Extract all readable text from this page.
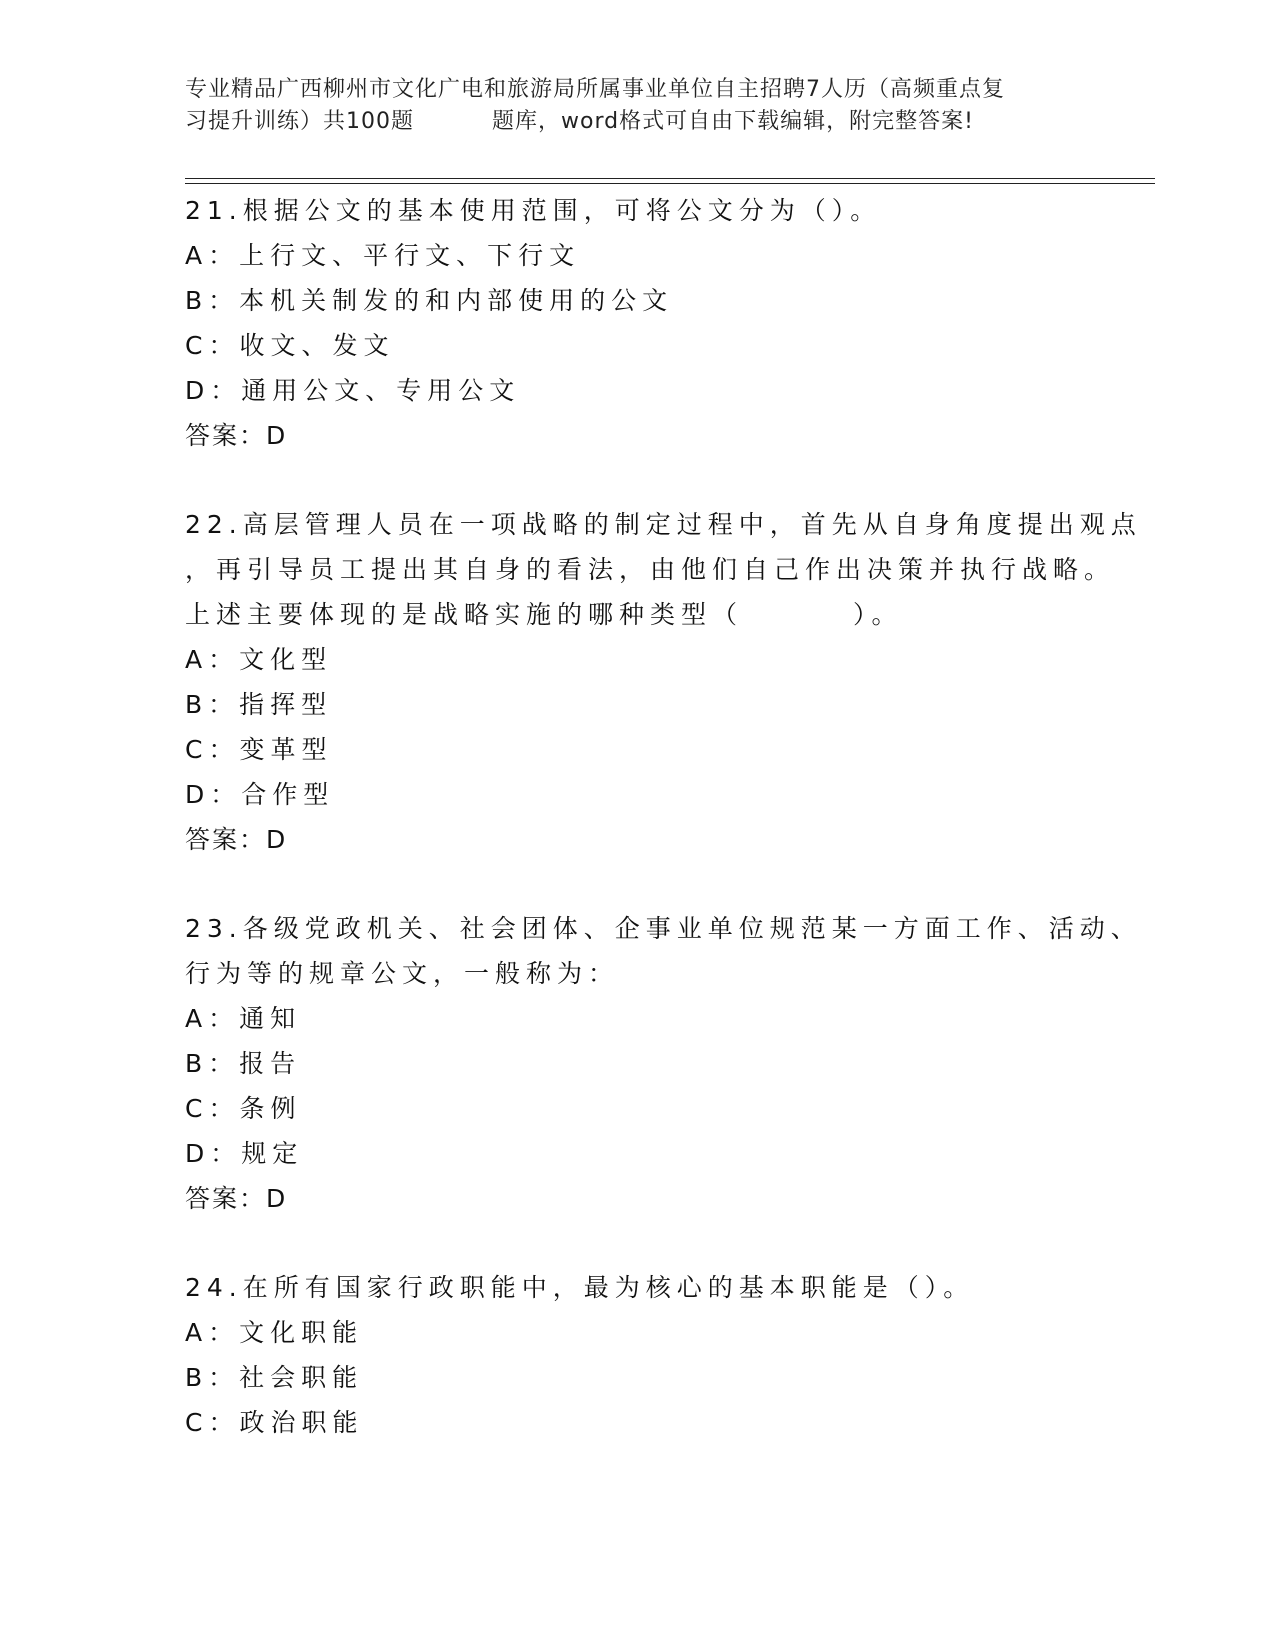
专业精品广西柳州市文化广电和旅游局所属事业单位自主招聘7人历（高频重点复
习提升训练）共100题	题库，word格式可自由下载编辑，附完整答案!
21.根据公文的基本使用范围，可将公文分为（）。
A：上行文、平行文、下行文
B：本机关制发的和内部使用的公文
C：收文、发文
D：通用公文、专用公文
答案：D
22.高层管理人员在一项战略的制定过程中，首先从自身角度提出观点
，再引导员工提出其自身的看法，由他们自己作出决策并执行战略。
上述主要体现的是战略实施的哪种类型（	）。
A：文化型
B：指挥型
C：变革型
D：合作型
答案：D
23.各级党政机关、社会团体、企事业单位规范某一方面工作、活动、
行为等的规章公文，一般称为：
A：通知
B：报告
C：条例
D：规定
答案：D
24.在所有国家行政职能中，最为核心的基本职能是（）。
A：文化职能
B：社会职能
C：政治职能
